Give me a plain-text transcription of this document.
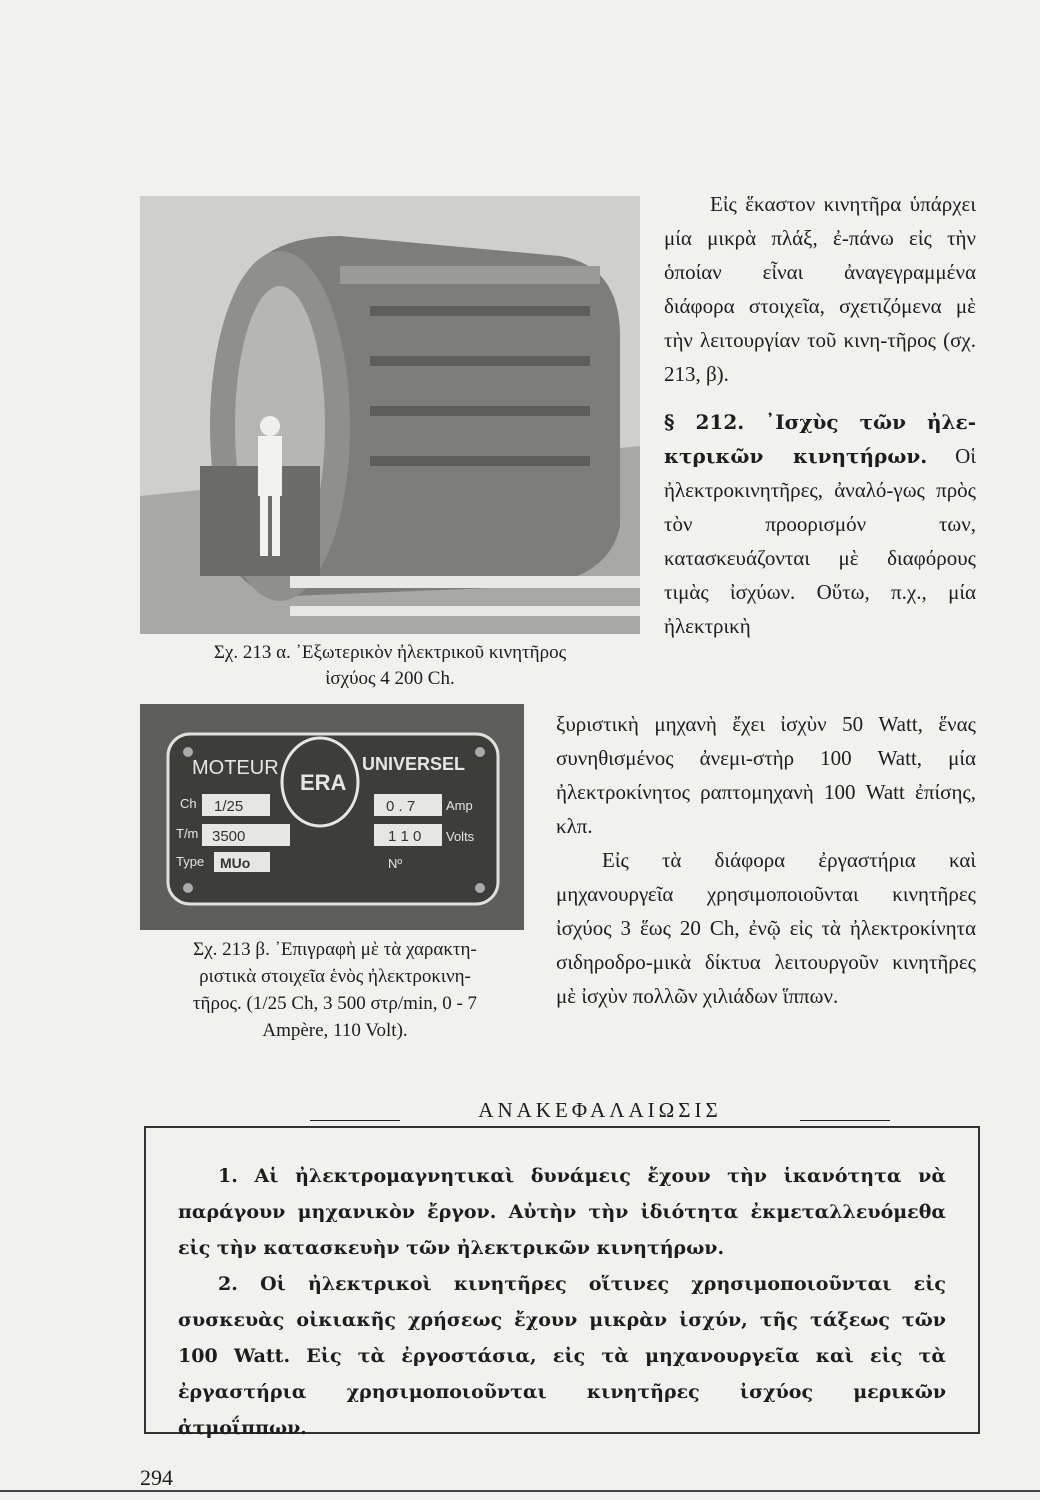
Σχ. 213 α. ᾿Εξωτερικὸν ἠλεκτρικοῦ κινητῆρος
ἰσχύος 4 200 Ch.
MOTEUR
ERA
UNIVERSEL
Ch 1/25
T/m 3500
Type MUo	Nº
0 . 7 Amp
1 1 0 Volts
Σχ. 213 β. ᾿Επιγραφὴ μὲ τὰ χαρακτη-
ριστικὰ στοιχεῖα ἑνὸς ἠλεκτροκινη-
τῆρος. (1/25 Ch, 3 500 στρ/min, 0 - 7
Ampère, 110 Volt).

Εἰς ἕκαστον κινητῆρα ὑπάρχει μία μικρὰ πλάξ, ἐ-πάνω εἰς τὴν ὁποίαν εἶναι ἀναγεγραμμένα διάφορα στοιχεῖα, σχετιζόμενα μὲ τὴν λειτουργίαν τοῦ κινη-τῆρος (σχ. 213, β).

§ 212. ᾿Ισχὺς τῶν ἠλε-κτρικῶν κινητήρων. Οἱ ἠλεκτροκινητῆρες, ἀναλό-γως πρὸς τὸν προορισμόν των, κατασκευάζονται μὲ διαφόρους τιμὰς ἰσχύων. Οὕτω, π.χ., μία ἠλεκτρικὴ

ξυριστικὴ μηχανὴ ἔχει ἰσχὺν 50 Watt, ἕνας συνηθισμένος ἀνεμι-στὴρ 100 Watt, μία ἠλεκτροκίνητος ραπτομηχανὴ 100 Watt ἐπίσης, κλπ.

Εἰς τὰ διάφορα ἐργαστήρια καὶ μηχανουργεῖα χρησιμοποιοῦνται κινητῆρες ἰσχύος 3 ἕως 20 Ch, ἐνῷ εἰς τὰ ἠλεκτροκίνητα σιδηροδρο-μικὰ δίκτυα λειτουργοῦν κινητῆρες μὲ ἰσχὺν πολλῶν χιλιάδων ἵππων.

ΑΝΑΚΕΦΑΛΑΙΩΣΙΣ

1. Αἱ ἠλεκτρομαγνητικαὶ δυνάμεις ἔχουν τὴν ἱκανότητα νὰ παράγουν μηχανικὸν ἔργον. Αὐτὴν τὴν ἰδιότητα ἐκμεταλλευόμεθα εἰς τὴν κατασκευὴν τῶν ἠλεκτρικῶν κινητήρων.

2. Οἱ ἠλεκτρικοὶ κινητῆρες οἵτινες χρησιμοποιοῦνται εἰς συσκευὰς οἰκιακῆς χρήσεως ἔχουν μικρὰν ἰσχύν, τῆς τάξεως τῶν 100 Watt. Εἰς τὰ ἐργοστάσια, εἰς τὰ μηχανουργεῖα καὶ εἰς τὰ ἐργαστήρια χρησιμοποιοῦνται κινητῆρες ἰσχύος μερικῶν ἀτμοΐππων.

294
